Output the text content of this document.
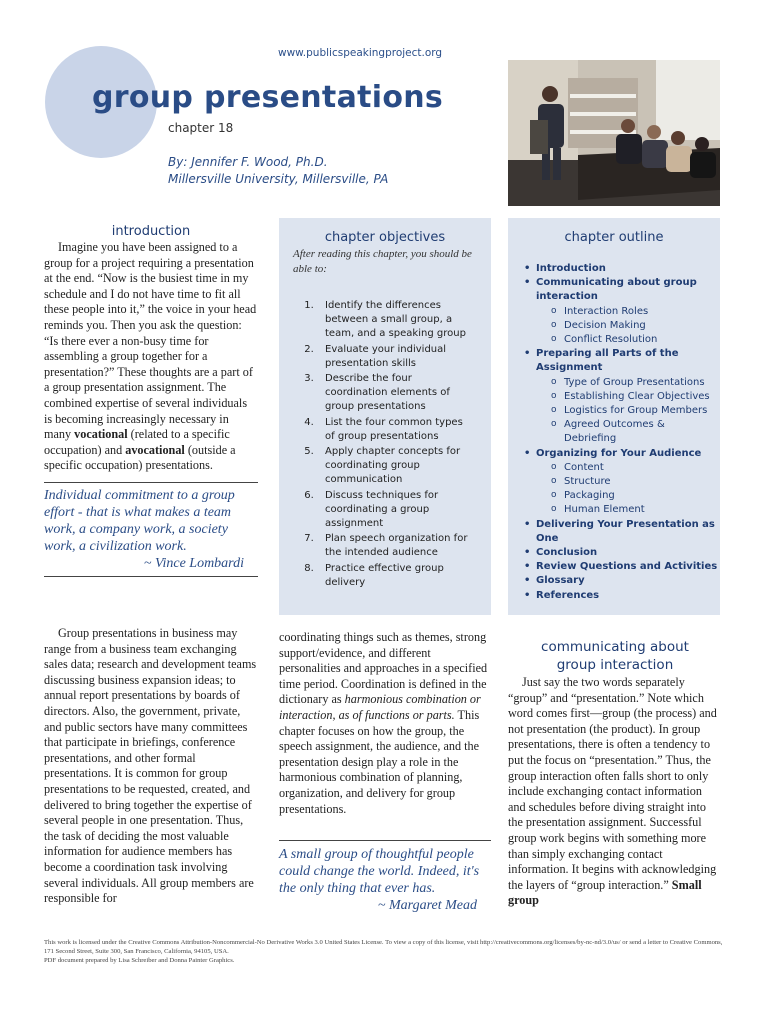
www.publicspeakingproject.org
group presentations
chapter 18
By: Jennifer F. Wood, Ph.D.
Millersville University, Millersville, PA
introduction

Imagine you have been assigned to a group for a project requiring a presentation at the end. “Now is the busiest time in my schedule and I do not have time to fit all these people into it,” the voice in your head reminds you. Then you ask the question: “Is there ever a non-busy time for assembling a group together for a presentation?” These thoughts are a part of a group presentation assignment. The combined expertise of several individuals is becoming increasingly necessary in many vocational (related to a specific occupation) and avocational (outside a specific occupation) presentations.

Individual commitment to a group effort - that is what makes a team work, a company work, a society work, a civilization work.
~ Vince Lombardi

Group presentations in business may range from a business team exchanging sales data; research and development teams discussing business expansion ideas; to annual report presentations by boards of directors. Also, the government, private, and public sectors have many committees that participate in briefings, conference presentations, and other formal presentations. It is common for group presentations to be requested, created, and delivered to bring together the expertise of several people in one presentation. Thus, the task of deciding the most valuable information for audience members has become a coordination task involving several individuals. All group members are responsible for

chapter objectives
After reading this chapter, you should be able to:
1. Identify the differences between a small group, a team, and a speaking group
2. Evaluate your individual presentation skills
3. Describe the four coordination elements of group presentations
4. List the four common types of group presentations
5. Apply chapter concepts for coordinating group communication
6. Discuss techniques for coordinating a group assignment
7. Plan speech organization for the intended audience
8. Practice effective group delivery
chapter outline
• Introduction
• Communicating about group interaction
o Interaction Roles
o Decision Making
o Conflict Resolution
• Preparing all Parts of the Assignment
o Type of Group Presentations
o Establishing Clear Objectives
o Logistics for Group Members
o Agreed Outcomes & Debriefing
• Organizing for Your Audience
o Content
o Structure
o Packaging
o Human Element
• Delivering Your Presentation as One
• Conclusion
• Review Questions and Activities
• Glossary
• References

coordinating things such as themes, strong support/evidence, and different personalities and approaches in a specified time period. Coordination is defined in the dictionary as harmonious combination or interaction, as of functions or parts. This chapter focuses on how the group, the speech assignment, the audience, and the presentation design play a role in the harmonious combination of planning, organization, and delivery for group presentations.

A small group of thoughtful people could change the world. Indeed, it's the only thing that ever has.
~ Margaret Mead
communicating about
group interaction

Just say the two words separately “group” and “presentation.” Note which word comes first—group (the process) and not presentation (the product). In group presentations, there is often a tendency to put the focus on “presentation.” Thus, the group interaction often falls short to only include exchanging contact information and schedules before diving straight into the presentation assignment. Successful group work begins with something more than simply exchanging contact information. It begins with acknowledging the layers of “group interaction.” Small group

This work is licensed under the Creative Commons Attribution-Noncommercial-No Derivative Works 3.0 United States License. To view a copy of this license, visit http://creativecommons.org/licenses/by-nc-nd/3.0/us/ or send a letter to Creative Commons, 171 Second Street, Suite 300, San Francisco, California, 94105, USA.
PDF document prepared by Lisa Schreiber and Donna Painter Graphics.
